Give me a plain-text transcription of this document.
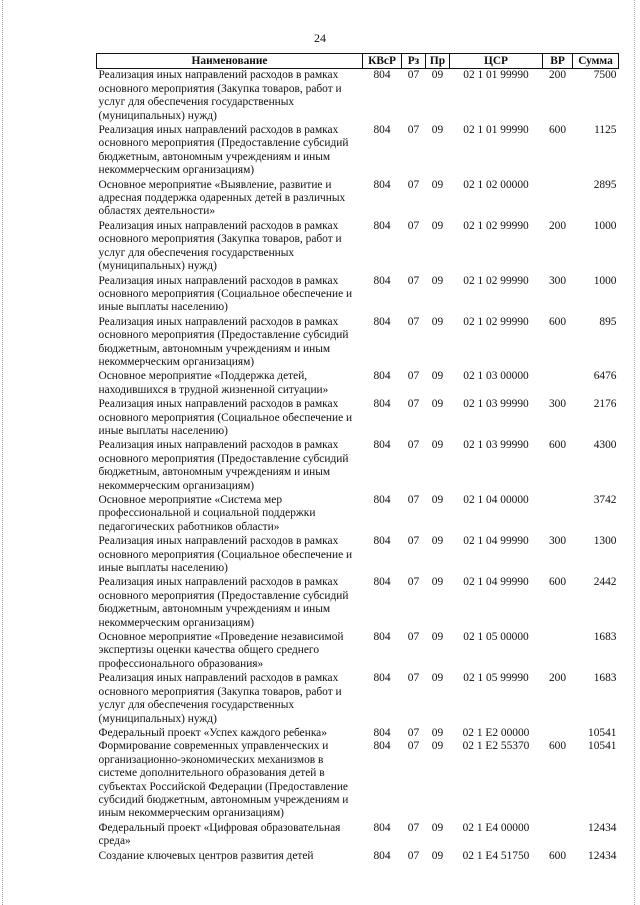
24
Наименование	КВсР	Рз	Пр	ЦСР	ВР	Сумма
Реализация иных направлений расходов в рамках основного мероприятия (Закупка товаров, работ и услуг для обеспечения государственных (муниципальных) нужд)	804	07	09	02 1 01 99990	200	7500
Реализация иных направлений расходов в рамках основного мероприятия (Предоставление субсидий бюджетным, автономным учреждениям и иным некоммерческим организациям)	804	07	09	02 1 01 99990	600	1125
Основное мероприятие «Выявление, развитие и адресная поддержка одаренных детей в различных областях деятельности»	804	07	09	02 1 02 00000		2895
Реализация иных направлений расходов в рамках основного мероприятия (Закупка товаров, работ и услуг для обеспечения государственных (муниципальных) нужд)	804	07	09	02 1 02 99990	200	1000
Реализация иных направлений расходов в рамках основного мероприятия (Социальное обеспечение и иные выплаты населению)	804	07	09	02 1 02 99990	300	1000
Реализация иных направлений расходов в рамках основного мероприятия (Предоставление субсидий бюджетным, автономным учреждениям и иным некоммерческим организациям)	804	07	09	02 1 02 99990	600	895
Основное мероприятие «Поддержка детей, находившихся в трудной жизненной ситуации»	804	07	09	02 1 03 00000		6476
Реализация иных направлений расходов в рамках основного мероприятия (Социальное обеспечение и иные выплаты населению)	804	07	09	02 1 03 99990	300	2176
Реализация иных направлений расходов в рамках основного мероприятия (Предоставление субсидий бюджетным, автономным учреждениям и иным некоммерческим организациям)	804	07	09	02 1 03 99990	600	4300
Основное мероприятие «Система мер профессиональной и социальной поддержки педагогических работников области»	804	07	09	02 1 04 00000		3742
Реализация иных направлений расходов в рамках основного мероприятия (Социальное обеспечение и иные выплаты населению)	804	07	09	02 1 04 99990	300	1300
Реализация иных направлений расходов в рамках основного мероприятия (Предоставление субсидий бюджетным, автономным учреждениям и иным некоммерческим организациям)	804	07	09	02 1 04 99990	600	2442
Основное мероприятие «Проведение независимой экспертизы оценки качества общего среднего профессионального образования»	804	07	09	02 1 05 00000		1683
Реализация иных направлений расходов в рамках основного мероприятия (Закупка товаров, работ и услуг для обеспечения государственных (муниципальных) нужд)	804	07	09	02 1 05 99990	200	1683
Федеральный проект «Успех каждого ребенка»	804	07	09	02 1 E2 00000		10541
Формирование современных управленческих и организационно-экономических механизмов в системе дополнительного образования детей в субъектах Российской Федерации (Предоставление субсидий бюджетным, автономным учреждениям и иным некоммерческим организациям)	804	07	09	02 1 E2 55370	600	10541
Федеральный проект «Цифровая образовательная среда»	804	07	09	02 1 E4 00000		12434
Создание ключевых центров развития детей	804	07	09	02 1 E4 51750	600	12434
